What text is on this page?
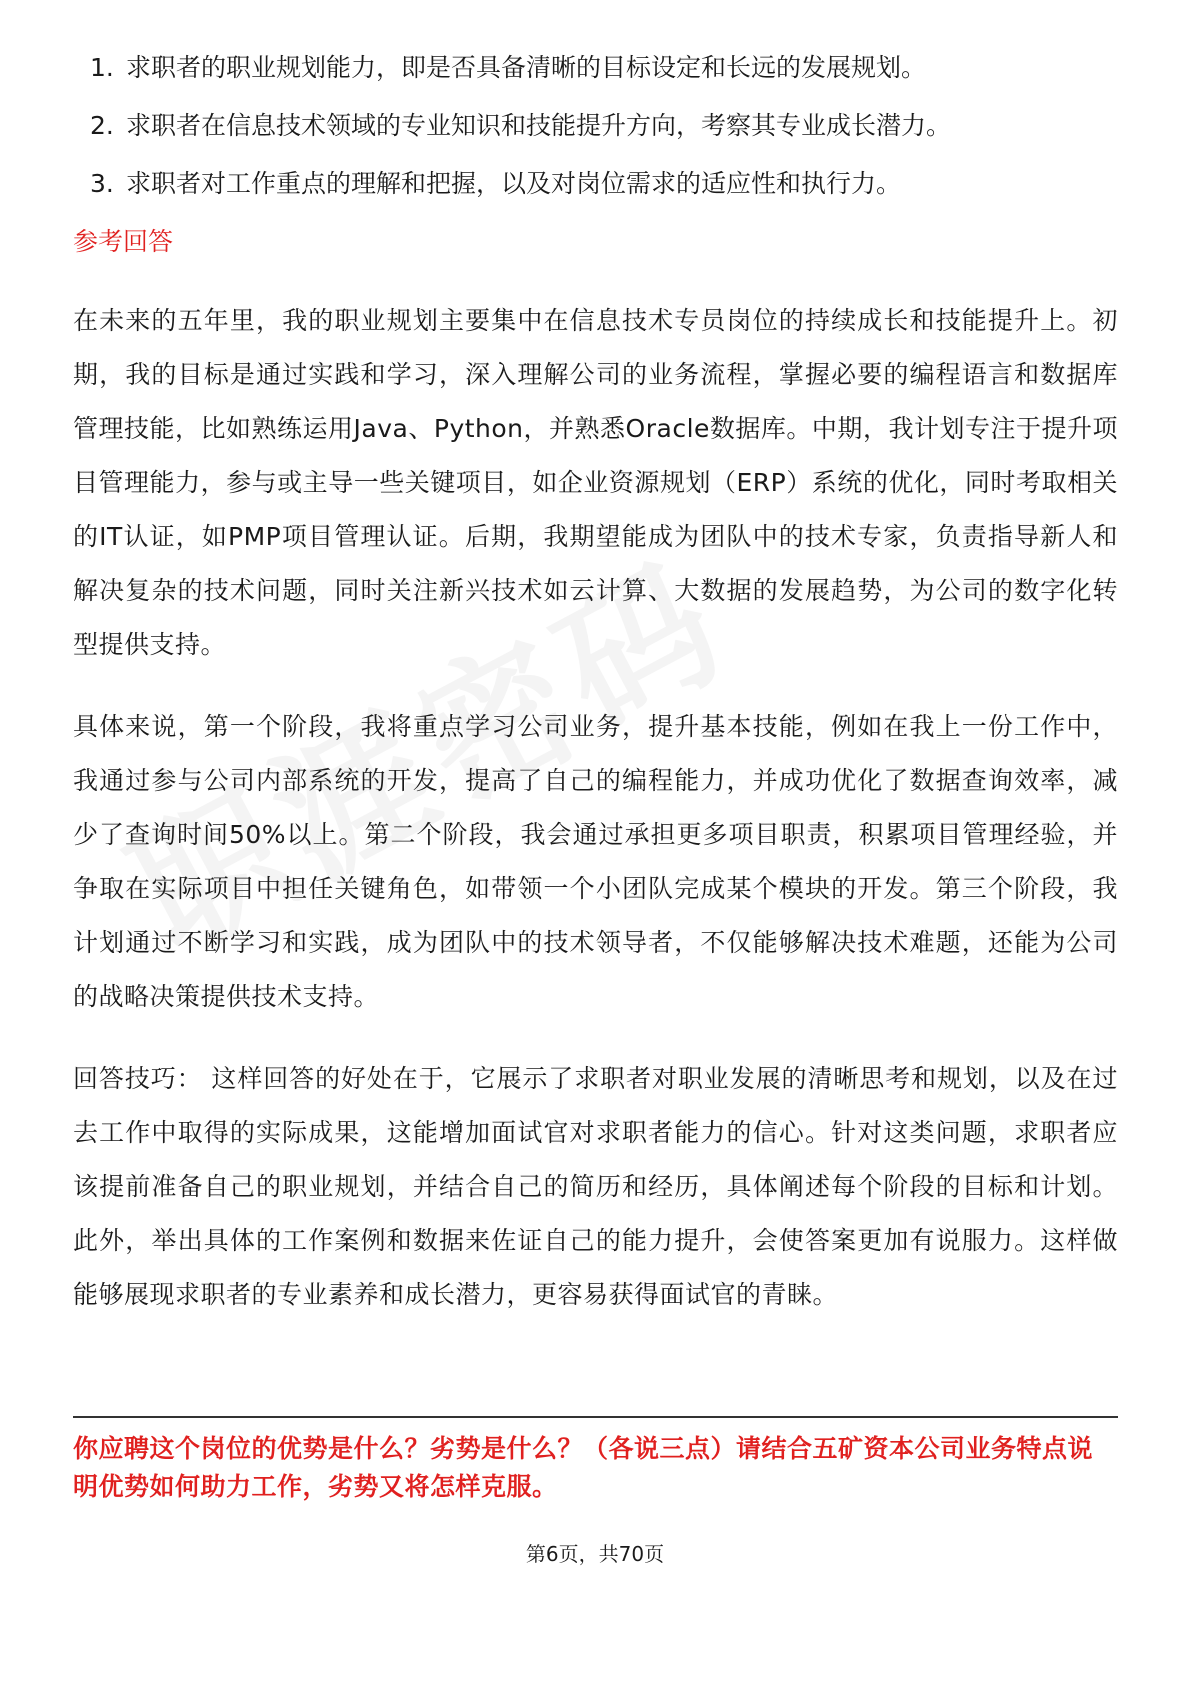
1. 求职者的职业规划能力，即是否具备清晰的目标设定和长远的发展规划。
2. 求职者在信息技术领域的专业知识和技能提升方向，考察其专业成长潜力。
3. 求职者对工作重点的理解和把握，以及对岗位需求的适应性和执行力。
参考回答

在未来的五年里，我的职业规划主要集中在信息技术专员岗位的持续成长和技能提升上。初期，我的目标是通过实践和学习，深入理解公司的业务流程，掌握必要的编程语言和数据库管理技能，比如熟练运用Java、Python，并熟悉Oracle数据库。中期，我计划专注于提升项目管理能力，参与或主导一些关键项目，如企业资源规划（ERP）系统的优化，同时考取相关的IT认证，如PMP项目管理认证。后期，我期望能成为团队中的技术专家，负责指导新人和解决复杂的技术问题，同时关注新兴技术如云计算、大数据的发展趋势，为公司的数字化转型提供支持。

具体来说，第一个阶段，我将重点学习公司业务，提升基本技能，例如在我上一份工作中，我通过参与公司内部系统的开发，提高了自己的编程能力，并成功优化了数据查询效率，减少了查询时间50%以上。第二个阶段，我会通过承担更多项目职责，积累项目管理经验，并争取在实际项目中担任关键角色，如带领一个小团队完成某个模块的开发。第三个阶段，我计划通过不断学习和实践，成为团队中的技术领导者，不仅能够解决技术难题，还能为公司的战略决策提供技术支持。

回答技巧： 这样回答的好处在于，它展示了求职者对职业发展的清晰思考和规划，以及在过去工作中取得的实际成果，这能增加面试官对求职者能力的信心。针对这类问题，求职者应该提前准备自己的职业规划，并结合自己的简历和经历，具体阐述每个阶段的目标和计划。此外，举出具体的工作案例和数据来佐证自己的能力提升，会使答案更加有说服力。这样做能够展现求职者的专业素养和成长潜力，更容易获得面试官的青睐。

你应聘这个岗位的优势是什么？劣势是什么？（各说三点）请结合五矿资本公司业务特点说明优势如何助力工作，劣势又将怎样克服。
第6页，共70页
